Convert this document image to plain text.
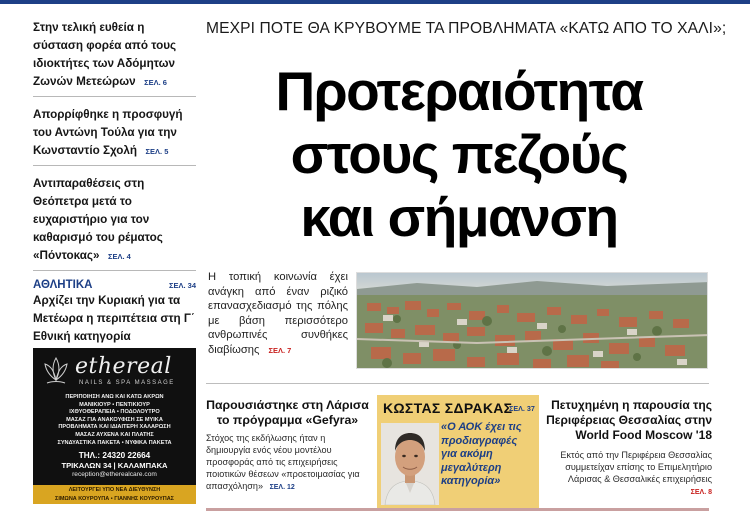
Στην τελική ευθεία η σύσταση φορέα από τους ιδιοκτήτες των Αδόμητων Ζωνών Μετεώρων ΣΕΛ. 6
Απορρίφθηκε η προσφυγή του Αντώνη Τούλα για την Κωνσταντίο Σχολή ΣΕΛ. 5
Αντιπαραθέσεις στη Θεόπετρα μετά το ευχαριστήριο για τον καθαρισμό του ρέματος «Πόντοκας» ΣΕΛ. 4
ΑΘΛΗΤΙΚΑ	ΣΕΛ. 34
Αρχίζει την Κυριακή για τα Μετέωρα η περιπέτεια στη Γ΄ Εθνική κατηγορία
ethereal
NAILS & SPA MASSAGE
ΠΕΡΙΠΟΙΗΣΗ ΑΝΩ ΚΑΙ ΚΑΤΩ ΑΚΡΩΝ
ΜΑΝΙΚΙΟΥΡ • ΠΕΝΤΙΚΙΟΥΡ
ΙΧΘΥΟΘΕΡΑΠΕΙΑ • ΠΟΔΟΛΟΥΤΡΟ
ΜΑΣΑΖ ΓΙΑ ΑΝΑΚΟΥΦΙΣΗ ΣΕ ΜΥΙΚΑ
ΠΡΟΒΛΗΜΑΤΑ ΚΑΙ ΙΔΙΑΙΤΕΡΗ ΧΑΛΑΡΩΣΗ
ΜΑΣΑΖ ΑΥΧΕΝΑ ΚΑΙ ΠΛΑΤΗΣ
ΣΥΝΔΥΑΣΤΙΚΑ ΠΑΚΕΤΑ • ΝΥΦΙΚΑ ΠΑΚΕΤΑ
ΤΗΛ.: 24320 22664
ΤΡΙΚΑΛΩΝ 34 | ΚΑΛΑΜΠΑΚΑ
reception@etherealcare.com
ΛΕΙΤΟΥΡΓΕΙ ΥΠΟ ΝΕΑ ΔΙΕΥΘΥΝΣΗ
ΣΙΜΩΝΑ ΚΟΥΡΟΥΠΑ • ΓΙΑΝΝΗΣ ΚΟΥΡΟΥΠΑΣ
ΜΕΧΡΙ ΠΟΤΕ ΘΑ ΚΡΥΒΟΥΜΕ ΤΑ ΠΡΟΒΛΗΜΑΤΑ «ΚΑΤΩ ΑΠΟ ΤΟ ΧΑΛΙ»;
Προτεραιότητα
στους πεζούς
και σήμανση
Η τοπική κοινωνία έχει ανάγκη από έναν ριζικό επανασχεδιασμό της πόλης με βάση περισσότερο ανθρωπινές συνθήκες διαβίωσης ΣΕΛ. 7
Παρουσιάστηκε στη Λάρισα το πρόγραμμα «Gefyra»
Στόχος της εκδήλωσης ήταν η δημιουργία ενός νέου μοντέλου προσφοράς από τις επιχειρήσεις ποιοτικών θέσεων «προετοιμασίας για απασχόληση» ΣΕΛ. 12
ΚΩΣΤΑΣ ΣΔΡΑΚΑΣ
ΣΕΛ. 37
«Ο ΑΟΚ έχει τις προδιαγραφές για ακόμη μεγαλύτερη κατηγορία»
Πετυχημένη η παρουσία της Περιφέρειας Θεσσαλίας στην World Food Moscow '18
Εκτός από την Περιφέρεια Θεσσαλίας συμμετείχαν επίσης το Επιμελητήριο Λάρισας & Θεσσαλικές επιχειρήσεις ΣΕΛ. 8
